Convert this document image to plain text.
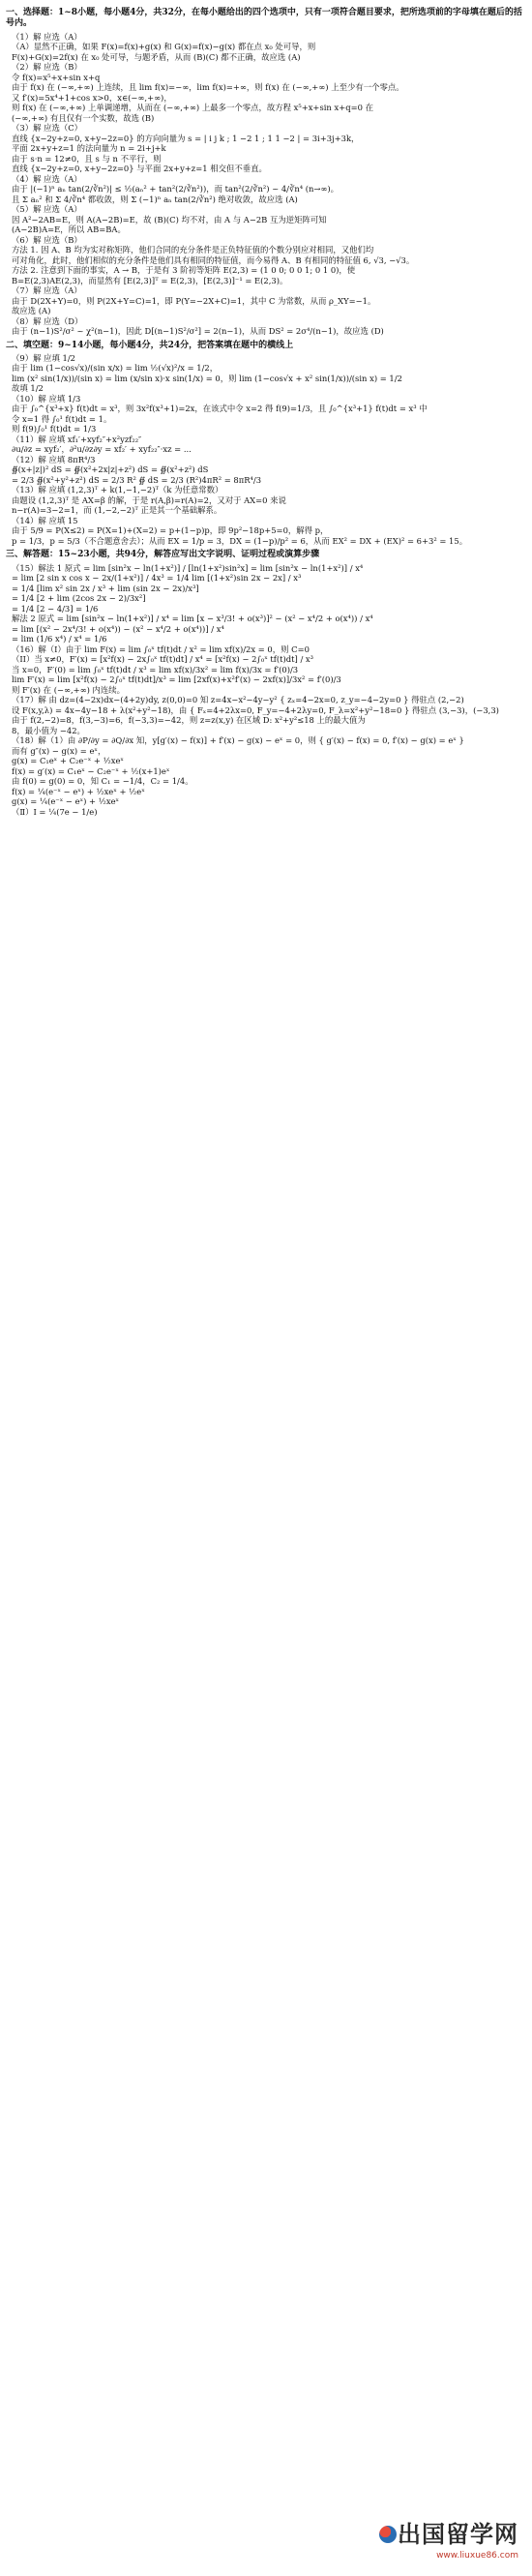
一、选择题：1~8小题，每小题4分，共32分，在每小题给出的四个选项中，只有一项符合题目要求，把所选项前的字母填在题后的括号内。
（1）解 应选（A）
（A）显然不正确，如果 F(x)=f(x)+g(x) 和 G(x)=f(x)−g(x) 都在点 x₀ 处可导，则
F(x)+G(x)=2f(x) 在 x₀ 处可导，与题矛盾，从而 (B)(C) 都不正确，故应选 (A)
（2）解 应选（B）
令 f(x)=x⁵+x+sin x+q
由于 f(x) 在 (−∞,+∞) 上连续，且 lim f(x)=−∞，lim f(x)=+∞，则 f(x) 在 (−∞,+∞) 上至少有一个零点。
又 f′(x)=5x⁴+1+cos x>0，x∈(−∞,+∞)，
则 f(x) 在 (−∞,+∞) 上单调递增，从而在 (−∞,+∞) 上最多一个零点，故方程 x⁵+x+sin x+q=0 在
(−∞,+∞) 有且仅有一个实数，故选 (B)
（3）解 应选（C）
直线 {x−2y+z=0, x+y−2z=0} 的方向向量为 s = | i j k ; 1 −2 1 ; 1 1 −2 | = 3i+3j+3k，
平面 2x+y+z=1 的法向量为 n = 2i+j+k
由于 s·n = 12≠0，且 s 与 n 不平行，则
直线 {x−2y+z=0, x+y−2z=0} 与平面 2x+y+z=1 相交但不垂直。
（4）解 应选（A）
由于 |(−1)ⁿ aₙ tan(2/∛n²)| ≤ ½(aₙ² + tan²(2/∛n²))，而 tan²(2/∛n²) ~ 4/∛n⁴ (n→∞)。
且 Σ aₙ² 和 Σ 4/∛n⁴ 都收敛，则 Σ (−1)ⁿ aₙ tan(2/∛n²) 绝对收敛，故应选 (A)
（5）解 应选（A）
因 A²−2AB=E，则 A(A−2B)=E，故 (B)(C) 均不对，由 A 与 A−2B 互为逆矩阵可知
(A−2B)A=E，所以 AB=BA。
（6）解 应选（B）
方法 1. 因 A、B 均为实对称矩阵，他们合同的充分条件是正负特征值的个数分别应对相同，又他们均
可对角化，此时，他们相似的充分条件是他们具有相同的特征值，而今易得 A、B 有相同的特征值 6, √3, −√3。
方法 2. 注意到下面的事实，A → B，于是有 3 阶初等矩阵 E(2,3) = (1 0 0; 0 0 1; 0 1 0)，使
B=E(2,3)AE(2,3)，而显然有 [E(2,3)]ᵀ = E(2,3)，[E(2,3)]⁻¹ = E(2,3)。
（7）解 应选（A）
由于 D(2X+Y)=0，则 P(2X+Y=C)=1，即 P(Y=−2X+C)=1，其中 C 为常数，从而 ρ_XY=−1。
故应选 (A)
（8）解 应选（D）
由于 (n−1)S²/σ² ~ χ²(n−1)，因此 D[(n−1)S²/σ²] = 2(n−1)，从而 DS² = 2σ⁴/(n−1)，故应选 (D)
二、填空题：9~14小题，每小题4分，共24分，把答案填在题中的横线上
（9）解 应填 1/2
由于 lim (1−cos√x)/(sin x/x) = lim ½(√x)²/x = 1/2，
lim (x² sin(1/x))/(sin x) = lim (x/sin x)·x sin(1/x) = 0，则 lim (1−cos√x + x² sin(1/x))/(sin x) = 1/2
故填 1/2
（10）解 应填 1/3
由于 ∫₀^{x³+x} f(t)dt = x³，则 3x²f(x³+1)=2x，在该式中令 x=2 得 f(9)=1/3，且 ∫₀^{x³+1} f(t)dt = x³ 中
令 x=1 得 ∫₀¹ f(t)dt = 1。
则 f(9)∫₀¹ f(t)dt = 1/3
（11）解 应填 xf₁′+xyf₂″+x²yzf₂₂″
∂u/∂z = xyf₂′，∂²u/∂z∂y = xf₂′ + xyf₂₂″·xz = ...
（12）解 应填 8πR⁴/3
∯(x+|z|)² dS = ∯(x²+2x|z|+z²) dS = ∯(x²+z²) dS
= 2/3 ∯(x²+y²+z²) dS = 2/3 R² ∯ dS = 2/3 (R²)4πR² = 8πR⁴/3
（13）解 应填 (1,2,3)ᵀ + k(1,−1,−2)ᵀ（k 为任意常数）
由题设 (1,2,3)ᵀ 是 AX=β 的解，于是 r(A,β)=r(A)=2，又对于 AX=0 来说
n−r(A)=3−2=1，而 (1,−2,−2)ᵀ 正是其一个基础解系。
（14）解 应填 15
由于 5/9 = P(X≤2) = P(X=1)+(X=2) = p+(1−p)p，即 9p²−18p+5=0，解得 p，
p = 1/3，p = 5/3（不合题意舍去）；从而 EX = 1/p = 3，DX = (1−p)/p² = 6，从而 EX² = DX + (EX)² = 6+3² = 15。
三、解答题：15~23小题，共94分，解答应写出文字说明、证明过程或演算步骤
（15）解法 1 原式 = lim [sin²x − ln(1+x²)] / [ln(1+x²)sin²x] = lim [sin²x − ln(1+x²)] / x⁴
= lim [2 sin x cos x − 2x/(1+x²)] / 4x³ = 1/4 lim [(1+x²)sin 2x − 2x] / x³
= 1/4 [lim x² sin 2x / x³ + lim (sin 2x − 2x)/x³]
= 1/4 [2 + lim (2cos 2x − 2)/3x²]
= 1/4 [2 − 4/3] = 1/6
解法 2 原式 = lim [sin²x − ln(1+x²)] / x⁴ = lim [x − x³/3! + o(x³)]² − (x² − x⁴/2 + o(x⁴)) / x⁴
= lim [(x² − 2x⁴/3! + o(x⁴)) − (x² − x⁴/2 + o(x⁴))] / x⁴
= lim (1/6 x⁴) / x⁴ = 1/6
（16）解（I）由于 lim F(x) = lim ∫₀ˣ tf(t)dt / x² = lim xf(x)/2x = 0，则 C=0
（II）当 x≠0，F′(x) = [x²f(x) − 2x∫₀ˣ tf(t)dt] / x⁴ = [x²f(x) − 2∫₀ˣ tf(t)dt] / x³
当 x=0，F′(0) = lim ∫₀ˣ tf(t)dt / x³ = lim xf(x)/3x² = lim f(x)/3x = f′(0)/3
lim F′(x) = lim [x²f(x) − 2∫₀ˣ tf(t)dt]/x³ = lim [2xf(x)+x²f′(x) − 2xf(x)]/3x² = f′(0)/3
则 F′(x) 在 (−∞,+∞) 内连续。
（17）解 由 dz=(4−2x)dx−(4+2y)dy, z(0,0)=0 知 z=4x−x²−4y−y² { zₓ=4−2x=0, z_y=−4−2y=0 } 得驻点 (2,−2)
设 F(x,y,λ) = 4x−4y−18 + λ(x²+y²−18)，由 { Fₓ=4+2λx=0, F_y=−4+2λy=0, F_λ=x²+y²−18=0 } 得驻点 (3,−3)，(−3,3)
由于 f(2,−2)=8，f(3,−3)=6，f(−3,3)=−42，则 z=z(x,y) 在区域 D: x²+y²≤18 上的最大值为
8，最小值为 −42。
（18）解（1）由 ∂P/∂y = ∂Q/∂x 知，y[g′(x) − f(x)] + f′(x) − g(x) − eˣ = 0，则 { g′(x) − f(x) = 0, f′(x) − g(x) = eˣ }
而有 g″(x) − g(x) = eˣ，
g(x) = C₁eˣ + C₂e⁻ˣ + ½xeˣ
f(x) = g′(x) = C₁eˣ − C₂e⁻ˣ + ½(x+1)eˣ
由 f(0) = g(0) = 0，知 C₁ = −1/4，C₂ = 1/4。
f(x) = ¼(e⁻ˣ − eˣ) + ½xeˣ + ½eˣ
g(x) = ¼(e⁻ˣ − eˣ) + ½xeˣ
（Ⅱ）I = ¼(7e − 1/e)
出国留学网
www.liuxue86.com
